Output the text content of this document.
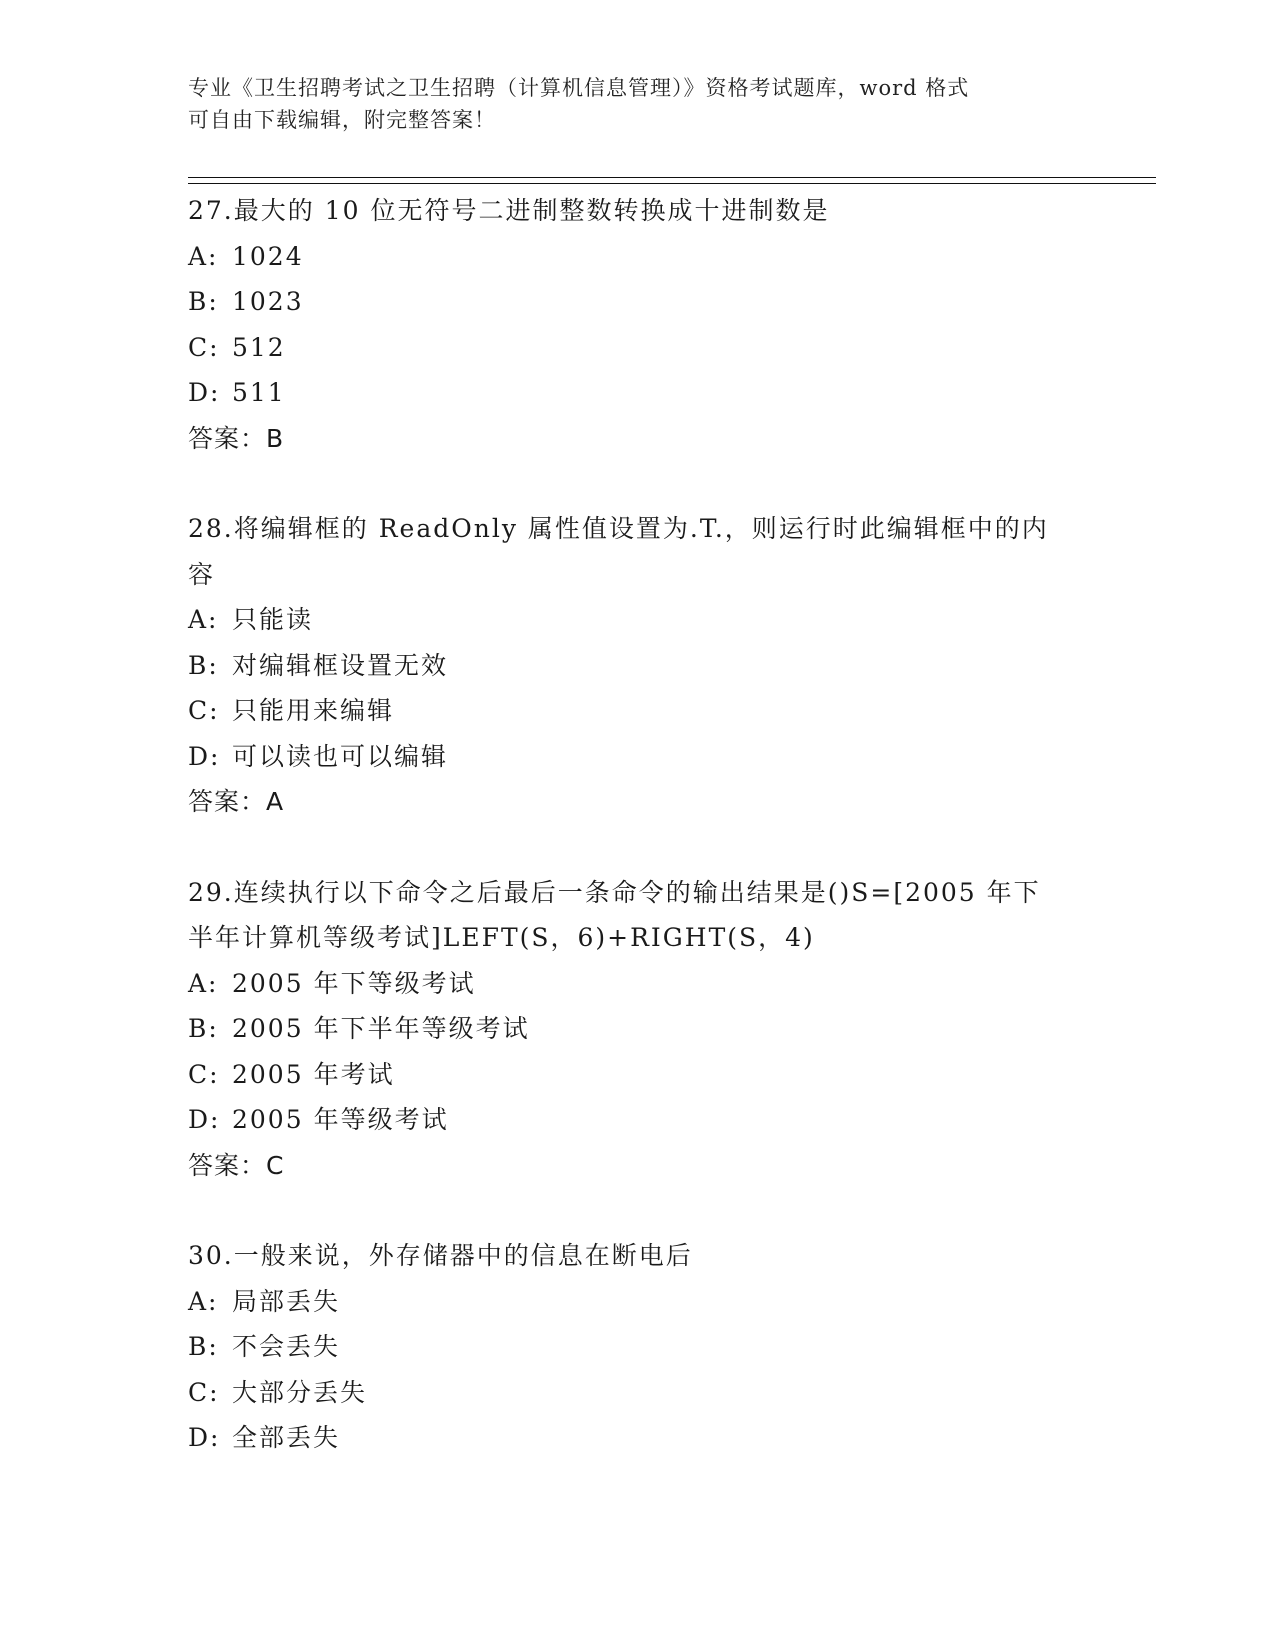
专业《卫生招聘考试之卫生招聘（计算机信息管理）》资格考试题库，word 格式
可自由下载编辑，附完整答案！
27.最大的 10 位无符号二进制整数转换成十进制数是
A: 1024
B: 1023
C: 512
D: 511
答案：B
28.将编辑框的 ReadOnly 属性值设置为.T.，则运行时此编辑框中的内
容
A: 只能读
B: 对编辑框设置无效
C: 只能用来编辑
D: 可以读也可以编辑
答案：A
29.连续执行以下命令之后最后一条命令的输出结果是()S=[2005 年下
半年计算机等级考试]LEFT(S，6)+RIGHT(S，4)
A: 2005 年下等级考试
B: 2005 年下半年等级考试
C: 2005 年考试
D: 2005 年等级考试
答案：C
30.一般来说，外存储器中的信息在断电后
A: 局部丢失
B: 不会丢失
C: 大部分丢失
D: 全部丢失
